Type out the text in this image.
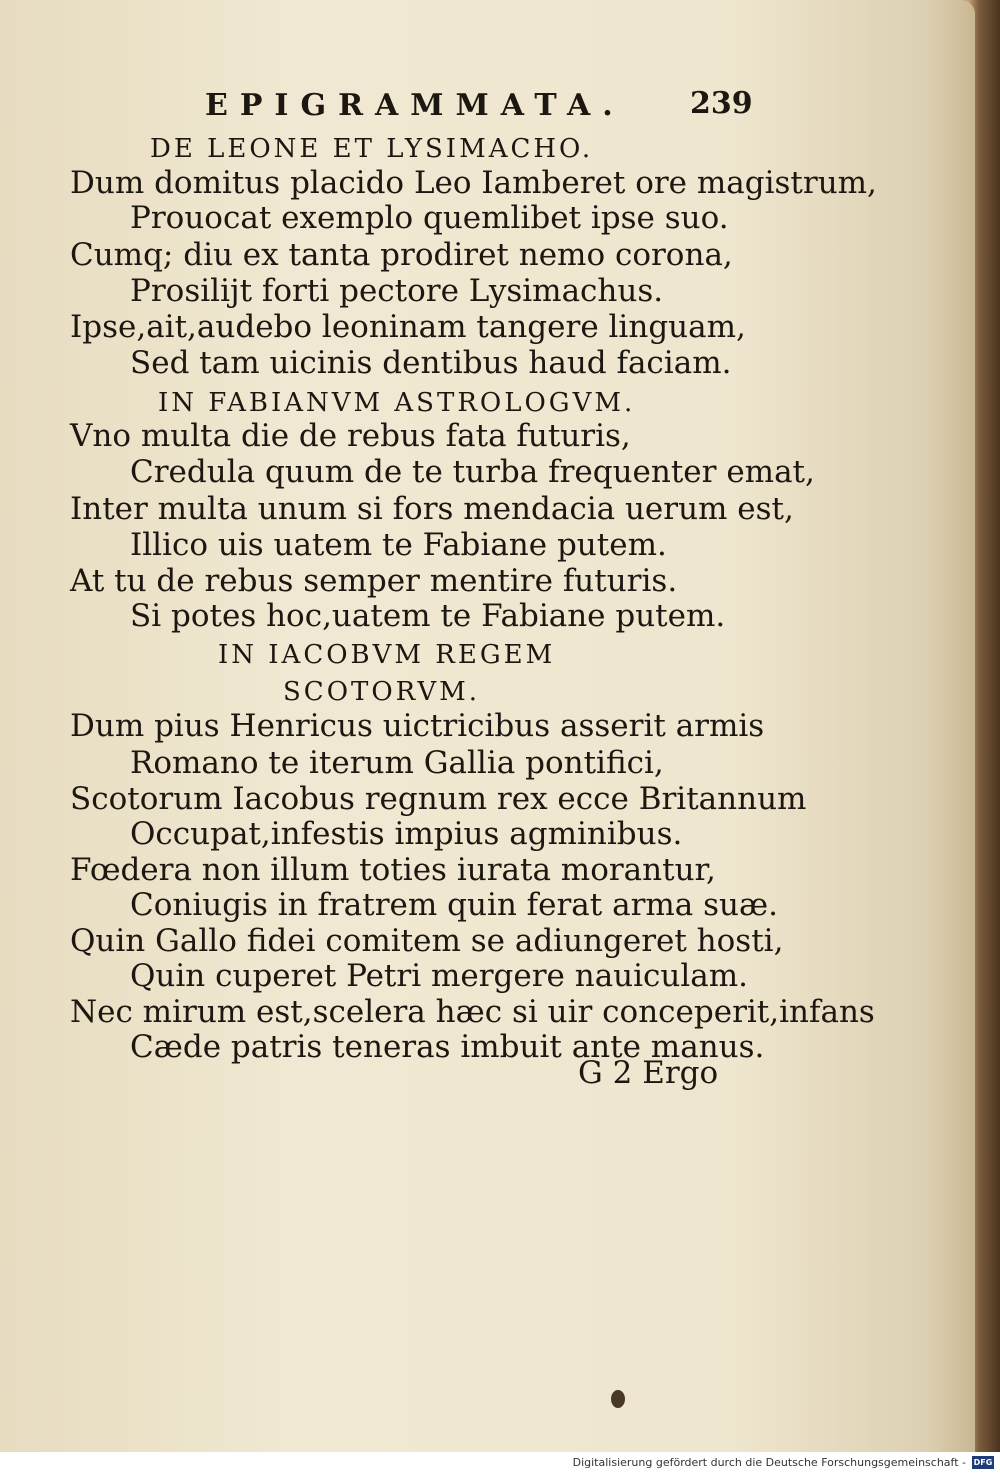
EPIGRAMMATA. 239
DE LEONE ET LYSIMACHO.
Dum domitus placido Leo Iamberet ore magistrum,
Prouocat exemplo quemlibet ipse suo.
Cumq; diu ex tanta prodiret nemo corona,
Prosilijt forti pectore Lysimachus.
Ipse,ait,audebo leoninam tangere linguam,
Sed tam uicinis dentibus haud faciam.
IN FABIANVM ASTROLOGVM.
Vno multa die de rebus fata futuris,
Credula quum de te turba frequenter emat,
Inter multa unum si fors mendacia uerum est,
Illico uis uatem te Fabiane putem.
At tu de rebus semper mentire futuris.
Si potes hoc,uatem te Fabiane putem.
IN IACOBVM REGEM
SCOTORVM.
Dum pius Henricus uictricibus asserit armis
Romano te iterum Gallia pontifici,
Scotorum Iacobus regnum rex ecce Britannum
Occupat,infestis impius agminibus.
Fœdera non illum toties iurata morantur,
Coniugis in fratrem quin ferat arma suæ.
Quin Gallo fidei comitem se adiungeret hosti,
Quin cuperet Petri mergere nauiculam.
Nec mirum est,scelera hæc si uir conceperit,infans
Cæde patris teneras imbuit ante manus.
G 2 Ergo
Digitalisierung gefördert durch die Deutsche Forschungsgemeinschaft - DFG
